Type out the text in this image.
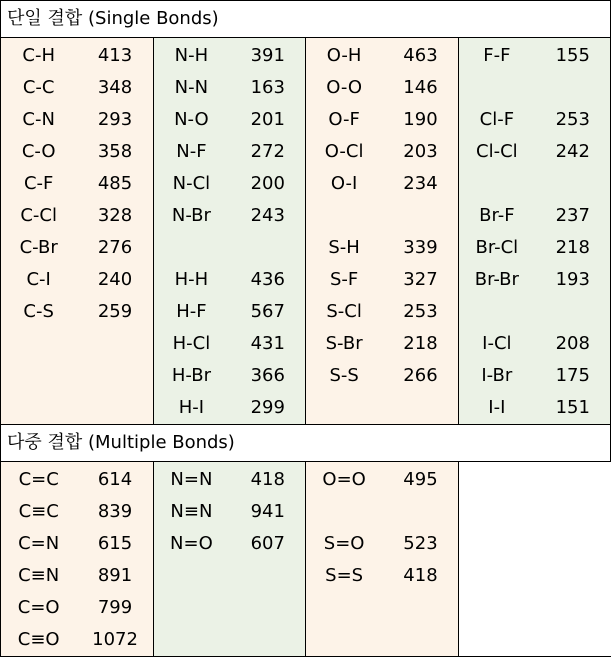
단일 결합 (Single Bonds)							
C-H	413	N-H	391	O-H	463	F-F	155
C-C	348	N-N	163	O-O	146		
C-N	293	N-O	201	O-F	190	Cl-F	253
C-O	358	N-F	272	O-Cl	203	Cl-Cl	242
C-F	485	N-Cl	200	O-I	234		
C-Cl	328	N-Br	243			Br-F	237
C-Br	276			S-H	339	Br-Cl	218
C-I	240	H-H	436	S-F	327	Br-Br	193
C-S	259	H-F	567	S-Cl	253		
		H-Cl	431	S-Br	218	I-Cl	208
		H-Br	366	S-S	266	I-Br	175
		H-I	299			I-I	151
다중 결합 (Multiple Bonds)							
C=C	614	N=N	418	O=O	495		
C≡C	839	N≡N	941				
C=N	615	N=O	607	S=O	523		
C≡N	891			S=S	418		
C=O	799						
C≡O	1072						
